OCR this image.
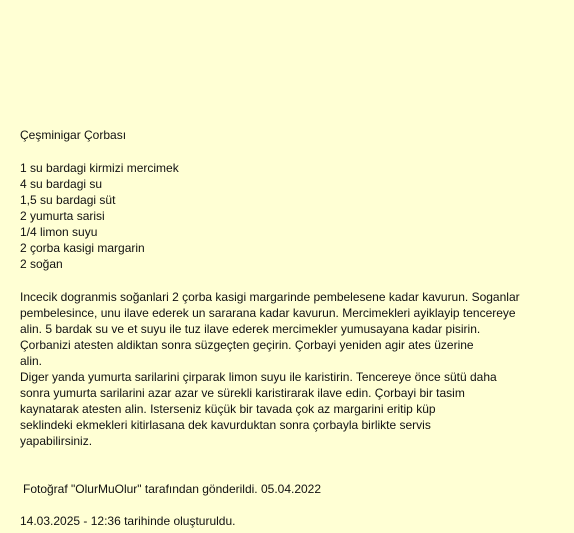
Çeşminigar Çorbası
1 su bardagi kirmizi mercimek
4 su bardagi su
1,5 su bardagi süt
2 yumurta sarisi
1/4 limon suyu
2 çorba kasigi margarin
2 soğan
Incecik dogranmis soğanlari 2 çorba kasigi margarinde pembelesene kadar kavurun. Soganlar
pembelesince, unu ilave ederek un sararana kadar kavurun. Mercimekleri ayiklayip tencereye
alin. 5 bardak su ve et suyu ile tuz ilave ederek mercimekler yumusayana kadar pisirin.
Çorbanizi atesten aldiktan sonra süzgeçten geçirin. Çorbayi yeniden agir ates üzerine
alin.
Diger yanda yumurta sarilarini çirparak limon suyu ile karistirin. Tencereye önce sütü daha
sonra yumurta sarilarini azar azar ve sürekli karistirarak ilave edin. Çorbayi bir tasim
kaynatarak atesten alin. Isterseniz küçük bir tavada çok az margarini eritip küp
seklindeki ekmekleri kitirlasana dek kavurduktan sonra çorbayla birlikte servis
yapabilirsiniz.
Fotoğraf "OlurMuOlur" tarafından gönderildi. 05.04.2022
14.03.2025 - 12:36 tarihinde oluşturuldu.
